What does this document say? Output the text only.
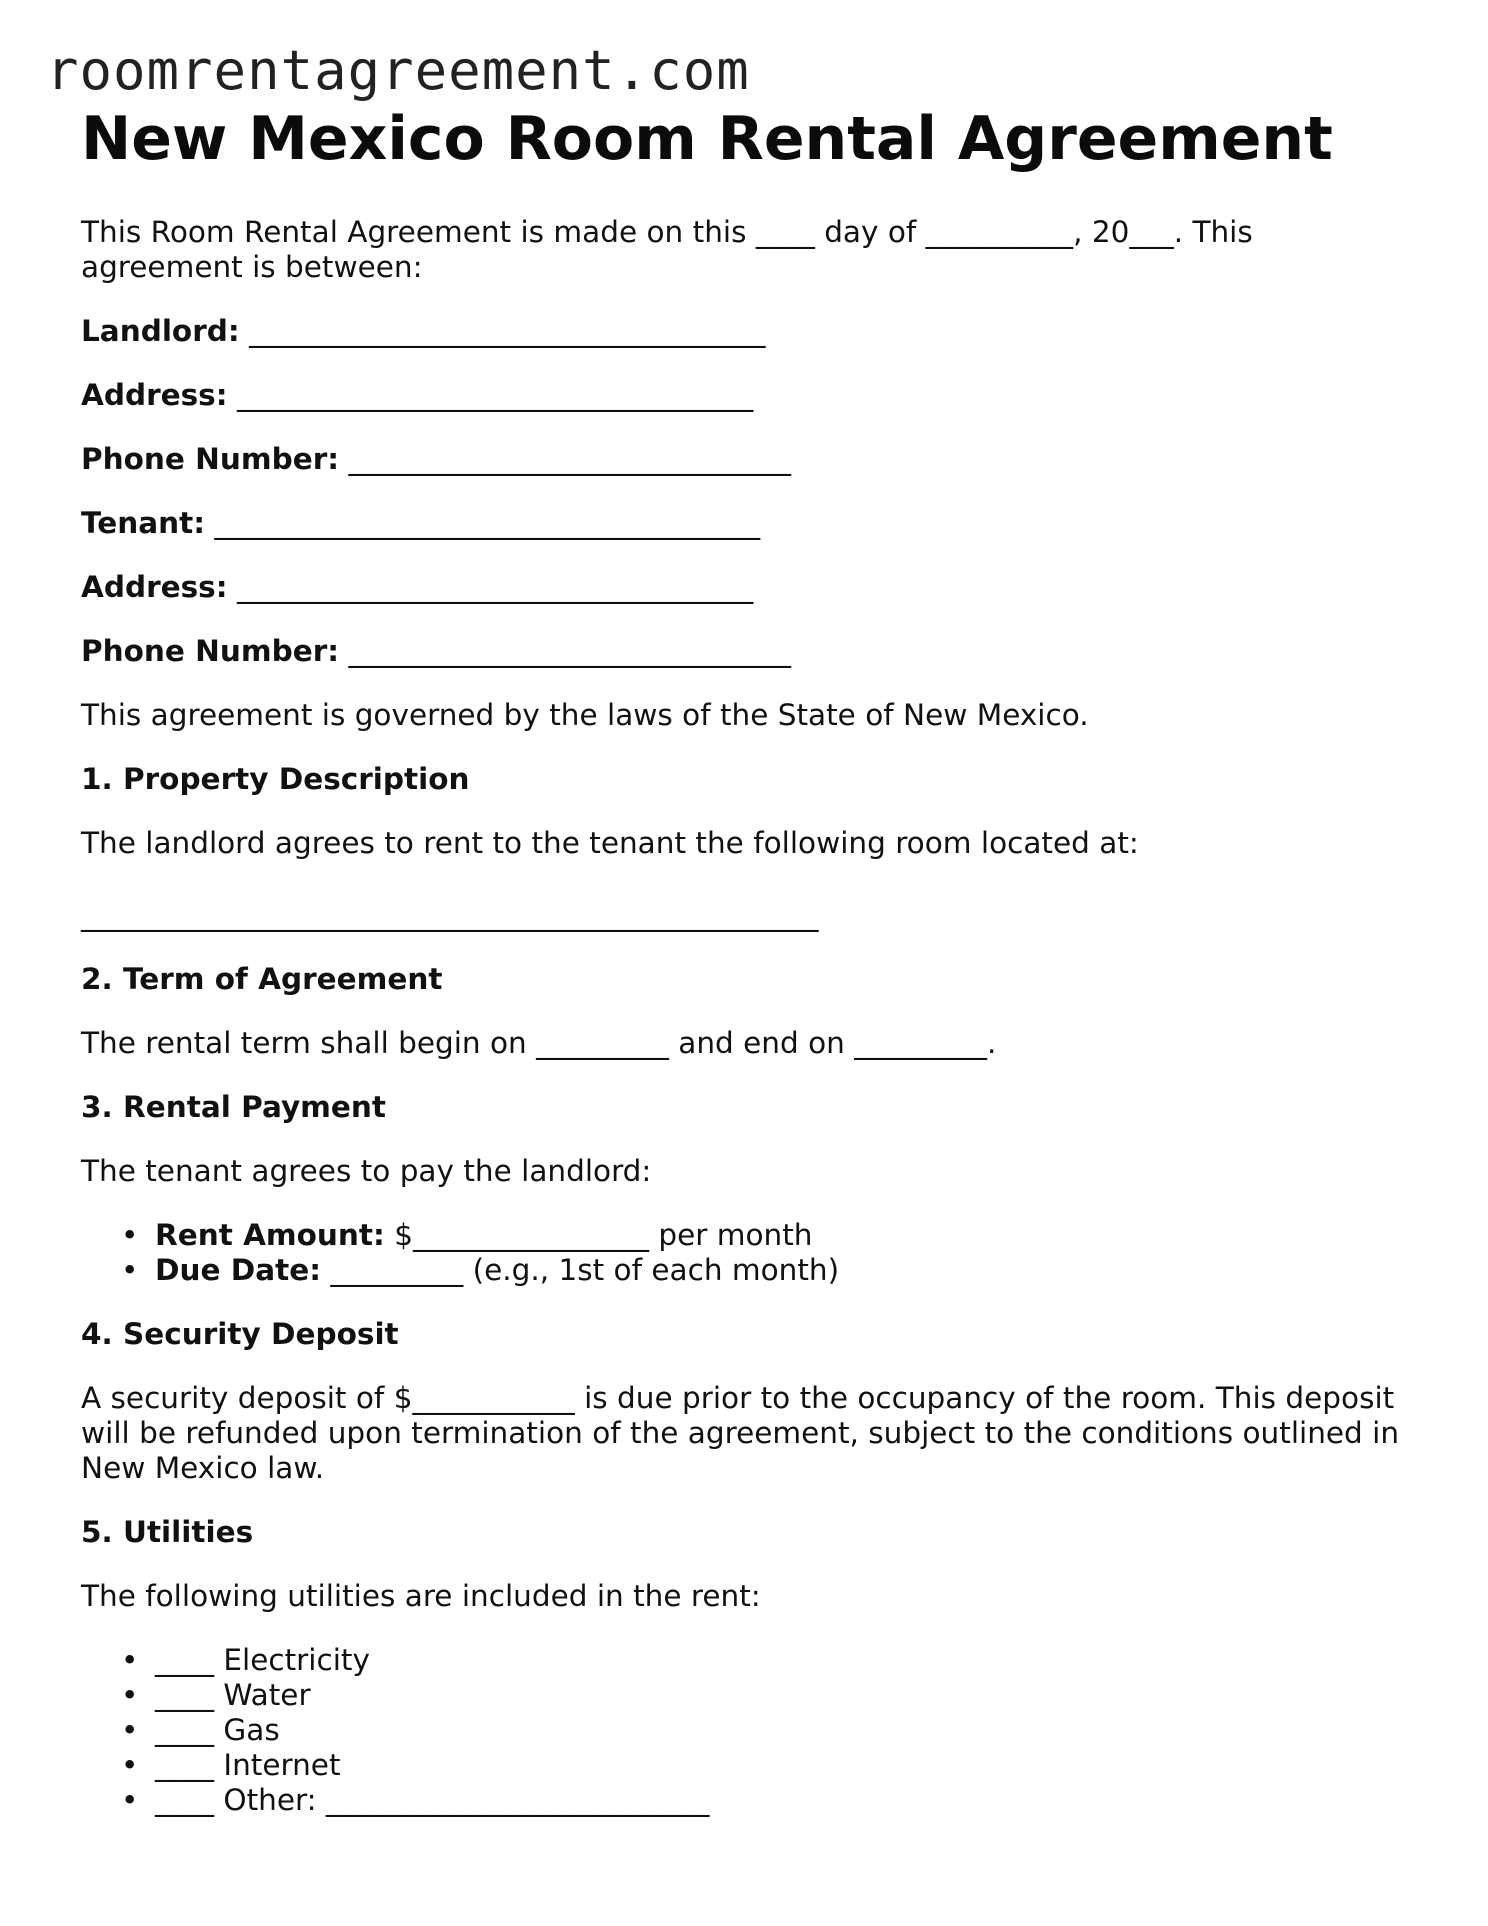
roomrentagreement.com
New Mexico Room Rental Agreement

This Room Rental Agreement is made on this ____ day of __________, 20___. This agreement is between:

Landlord: ___________________________________
Address: ___________________________________
Phone Number: ______________________________
Tenant: _____________________________________
Address: ___________________________________
Phone Number: ______________________________

This agreement is governed by the laws of the State of New Mexico.

1. Property Description

The landlord agrees to rent to the tenant the following room located at:

__________________________________________________

2. Term of Agreement

The rental term shall begin on _________ and end on _________.

3. Rental Payment

The tenant agrees to pay the landlord:

• Rent Amount: $________________ per month
• Due Date: _________ (e.g., 1st of each month)
4. Security Deposit

A security deposit of $___________ is due prior to the occupancy of the room. This deposit will be refunded upon termination of the agreement, subject to the conditions outlined in New Mexico law.

5. Utilities

The following utilities are included in the rent:

• ____ Electricity
• ____ Water
• ____ Gas
• ____ Internet
• ____ Other: __________________________
